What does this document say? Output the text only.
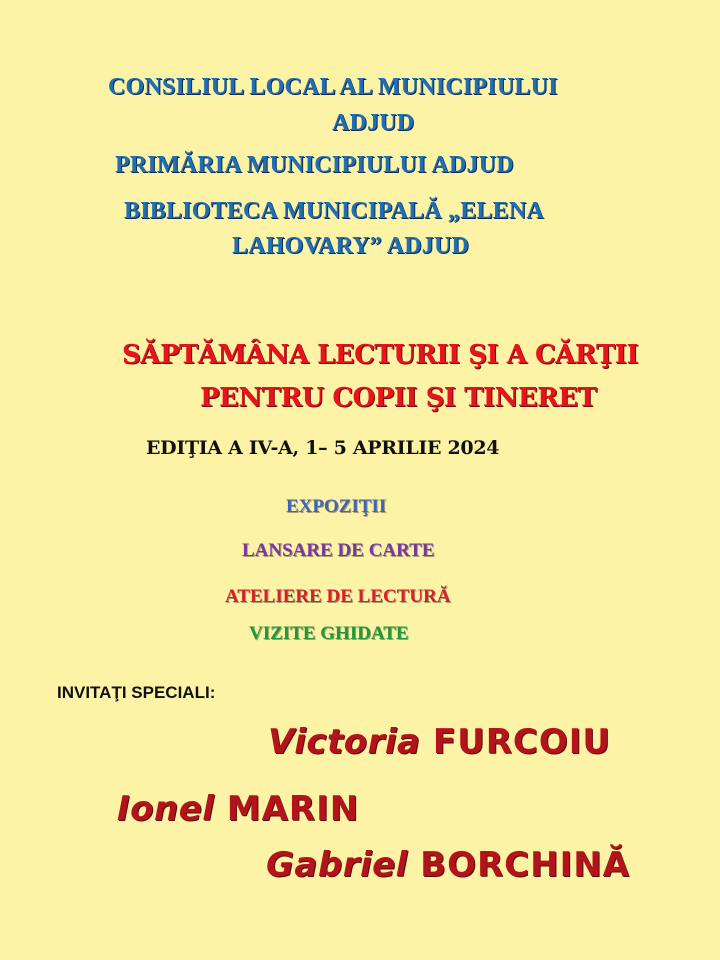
CONSILIUL LOCAL AL MUNICIPIULUI
ADJUD
PRIMĂRIA MUNICIPIULUI ADJUD
BIBLIOTECA MUNICIPALĂ „ELENA
LAHOVARY” ADJUD
SĂPTĂMÂNA LECTURII ŞI A CĂRŢII
PENTRU COPII ŞI TINERET
EDIŢIA A IV-A, 1– 5 APRILIE 2024
EXPOZIŢII
LANSARE DE CARTE
ATELIERE DE LECTURĂ
VIZITE GHIDATE
INVITAŢI SPECIALI:
Victoria FURCOIU
Ionel MARIN
Gabriel BORCHINĂ
